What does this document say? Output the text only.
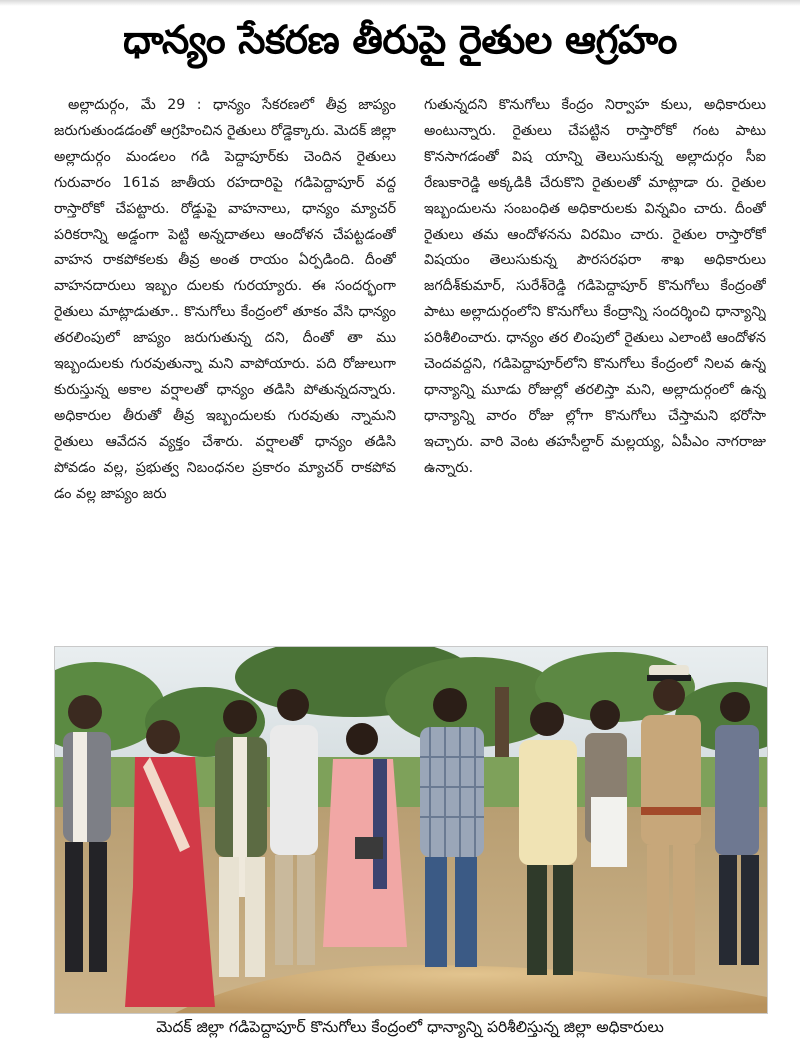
ధాన్యం సేకరణ తీరుపై రైతుల ఆగ్రహం

అల్లాదుర్గం, మే 29 : ధాన్యం సేకరణలో తీవ్ర జాప్యం జరుగుతుండడంతో ఆగ్రహించిన రైతులు రోడ్డెక్కారు. మెదక్ జిల్లా అల్లాదుర్గం మండలం గడి పెద్దాపూర్‌కు చెందిన రైతులు గురువారం 161వ జాతీయ రహదారిపై గడిపెద్దాపూర్ వద్ద రాస్తారోకో చేపట్టారు. రోడ్డుపై వాహనాలు, ధాన్యం మ్యాచర్ పరికరాన్ని అడ్డంగా పెట్టి అన్నదాతలు ఆందోళన చేపట్టడంతో వాహన రాకపోకలకు తీవ్ర అంత రాయం ఏర్పడింది. దీంతో వాహనదారులు ఇబ్బం దులకు గురయ్యారు. ఈ సందర్భంగా రైతులు మాట్లాడుతూ.. కొనుగోలు కేంద్రంలో తూకం వేసి ధాన్యం తరలింపులో జాప్యం జరుగుతున్న దని, దీంతో తా ము ఇబ్బందులకు గురవుతున్నా మని వాపోయారు. పది రోజులుగా కురుస్తున్న అకాల వర్షాలతో ధాన్యం తడిసి పోతున్నదన్నారు. అధికారుల తీరుతో తీవ్ర ఇబ్బందులకు గురవుతు న్నామని రైతులు ఆవేదన వ్యక్తం చేశారు. వర్షాలతో ధాన్యం తడిసి పోవడం వల్ల, ప్రభుత్వ నిబంధనల ప్రకారం మ్యాచర్ రాకపోవ డం వల్ల జాప్యం జరు

గుతున్నదని కొనుగోలు కేంద్రం నిర్వాహ కులు, అధికారులు అంటున్నారు. రైతులు చేపట్టిన రాస్తారోకో గంట పాటు కొనసాగడంతో విష యాన్ని తెలుసుకున్న అల్లాదుర్గం సీఐ రేణుకారెడ్డి అక్కడికి చేరుకొని రైతులతో మాట్లాడా రు. రైతుల ఇబ్బందులను సంబంధిత అధికారులకు విన్నవిం చారు. దీంతో రైతులు తమ ఆందోళనను విరమిం చారు. రైతుల రాస్తారోకో విషయం తెలుసుకున్న పౌరసరఫరా శాఖ అధికారులు జగదీశ్‌కుమార్, సురేశ్‌రెడ్డి గడిపెద్దాపూర్ కొనుగోలు కేంద్రంతో పాటు అల్లాదుర్గంలోని కొనుగోలు కేంద్రాన్ని సందర్శించి ధాన్యాన్ని పరిశీలించారు. ధాన్యం తర లింపులో రైతులు ఎలాంటి ఆందోళన చెందవద్దని, గడిపెద్దాపూర్‌లోని కొనుగోలు కేంద్రంలో నిలవ ఉన్న ధాన్యాన్ని మూడు రోజుల్లో తరలిస్తా మని, అల్లాదుర్గంలో ఉన్న ధాన్యాన్ని వారం రోజు ల్లోగా కొనుగోలు చేస్తామని భరోసా ఇచ్చారు. వారి వెంట తహసీల్దార్ మల్లయ్య, ఏపీఎం నాగరాజు ఉన్నారు.

మెదక్ జిల్లా గడిపెద్దాపూర్ కొనుగోలు కేంద్రంలో ధాన్యాన్ని పరిశీలిస్తున్న జిల్లా అధికారులు
